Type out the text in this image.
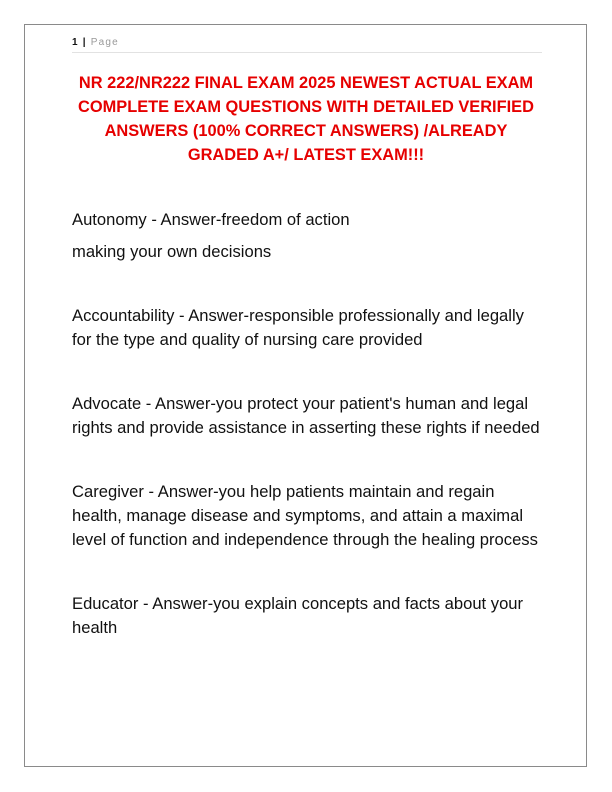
1 | Page
NR 222/NR222 FINAL EXAM 2025 NEWEST ACTUAL EXAM COMPLETE EXAM QUESTIONS WITH DETAILED VERIFIED ANSWERS (100% CORRECT ANSWERS) /ALREADY GRADED A+/ LATEST EXAM!!!

Autonomy - Answer-freedom of action

making your own decisions

Accountability - Answer-responsible professionally and legally for the type and quality of nursing care provided

Advocate - Answer-you protect your patient's human and legal rights and provide assistance in asserting these rights if needed

Caregiver - Answer-you help patients maintain and regain health, manage disease and symptoms, and attain a maximal level of function and independence through the healing process

Educator - Answer-you explain concepts and facts about your health
